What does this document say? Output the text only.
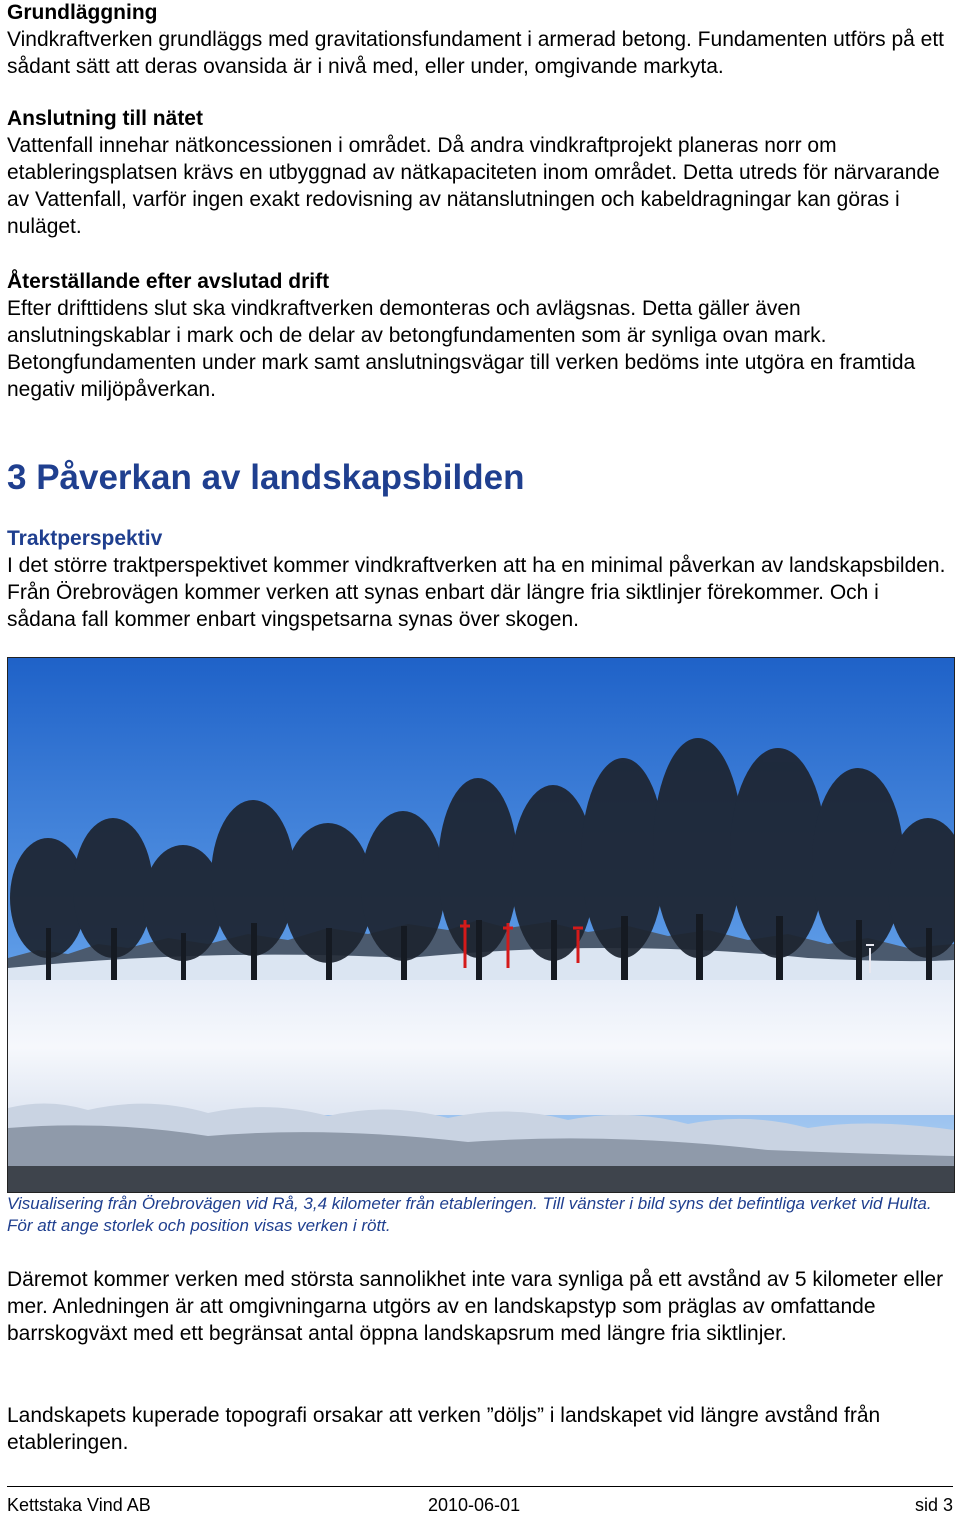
Grundläggning

Vindkraftverken grundläggs med gravitationsfundament i armerad betong. Fundamenten utförs på ett sådant sätt att deras ovansida är i nivå med, eller under, omgivande markyta.

Anslutning till nätet

Vattenfall innehar nätkoncessionen i området. Då andra vindkraftprojekt planeras norr om etableringsplatsen krävs en utbyggnad av nätkapaciteten inom området. Detta utreds för närvarande av Vattenfall, varför ingen exakt redovisning av nätanslutningen och kabeldragningar kan göras i nuläget.

Återställande efter avslutad drift

Efter drifttidens slut ska vindkraftverken demonteras och avlägsnas. Detta gäller även anslutningskablar i mark och de delar av betongfundamenten som är synliga ovan mark. Betongfundamenten under mark samt anslutningsvägar till verken bedöms inte utgöra en framtida negativ miljöpåverkan.

3 Påverkan av landskapsbilden

Traktperspektiv

I det större traktperspektivet kommer vindkraftverken att ha en minimal påverkan av landskapsbilden. Från Örebrovägen kommer verken att synas enbart där längre fria siktlinjer förekommer. Och i sådana fall kommer enbart vingspetsarna synas över skogen.

Visualisering från Örebrovägen vid Rå, 3,4 kilometer från etableringen. Till vänster i bild syns det befintliga verket vid Hulta. För att ange storlek och position visas verken i rött.

Däremot kommer verken med största sannolikhet inte vara synliga på ett avstånd av 5 kilometer eller mer. Anledningen är att omgivningarna utgörs av en landskapstyp som präglas av omfattande barrskogväxt med ett begränsat antal öppna landskapsrum med längre fria siktlinjer.

Landskapets kuperade topografi orsakar att verken ”döljs” i landskapet vid längre avstånd från etableringen.

Kettstaka Vind AB	2010-06-01	sid 3
